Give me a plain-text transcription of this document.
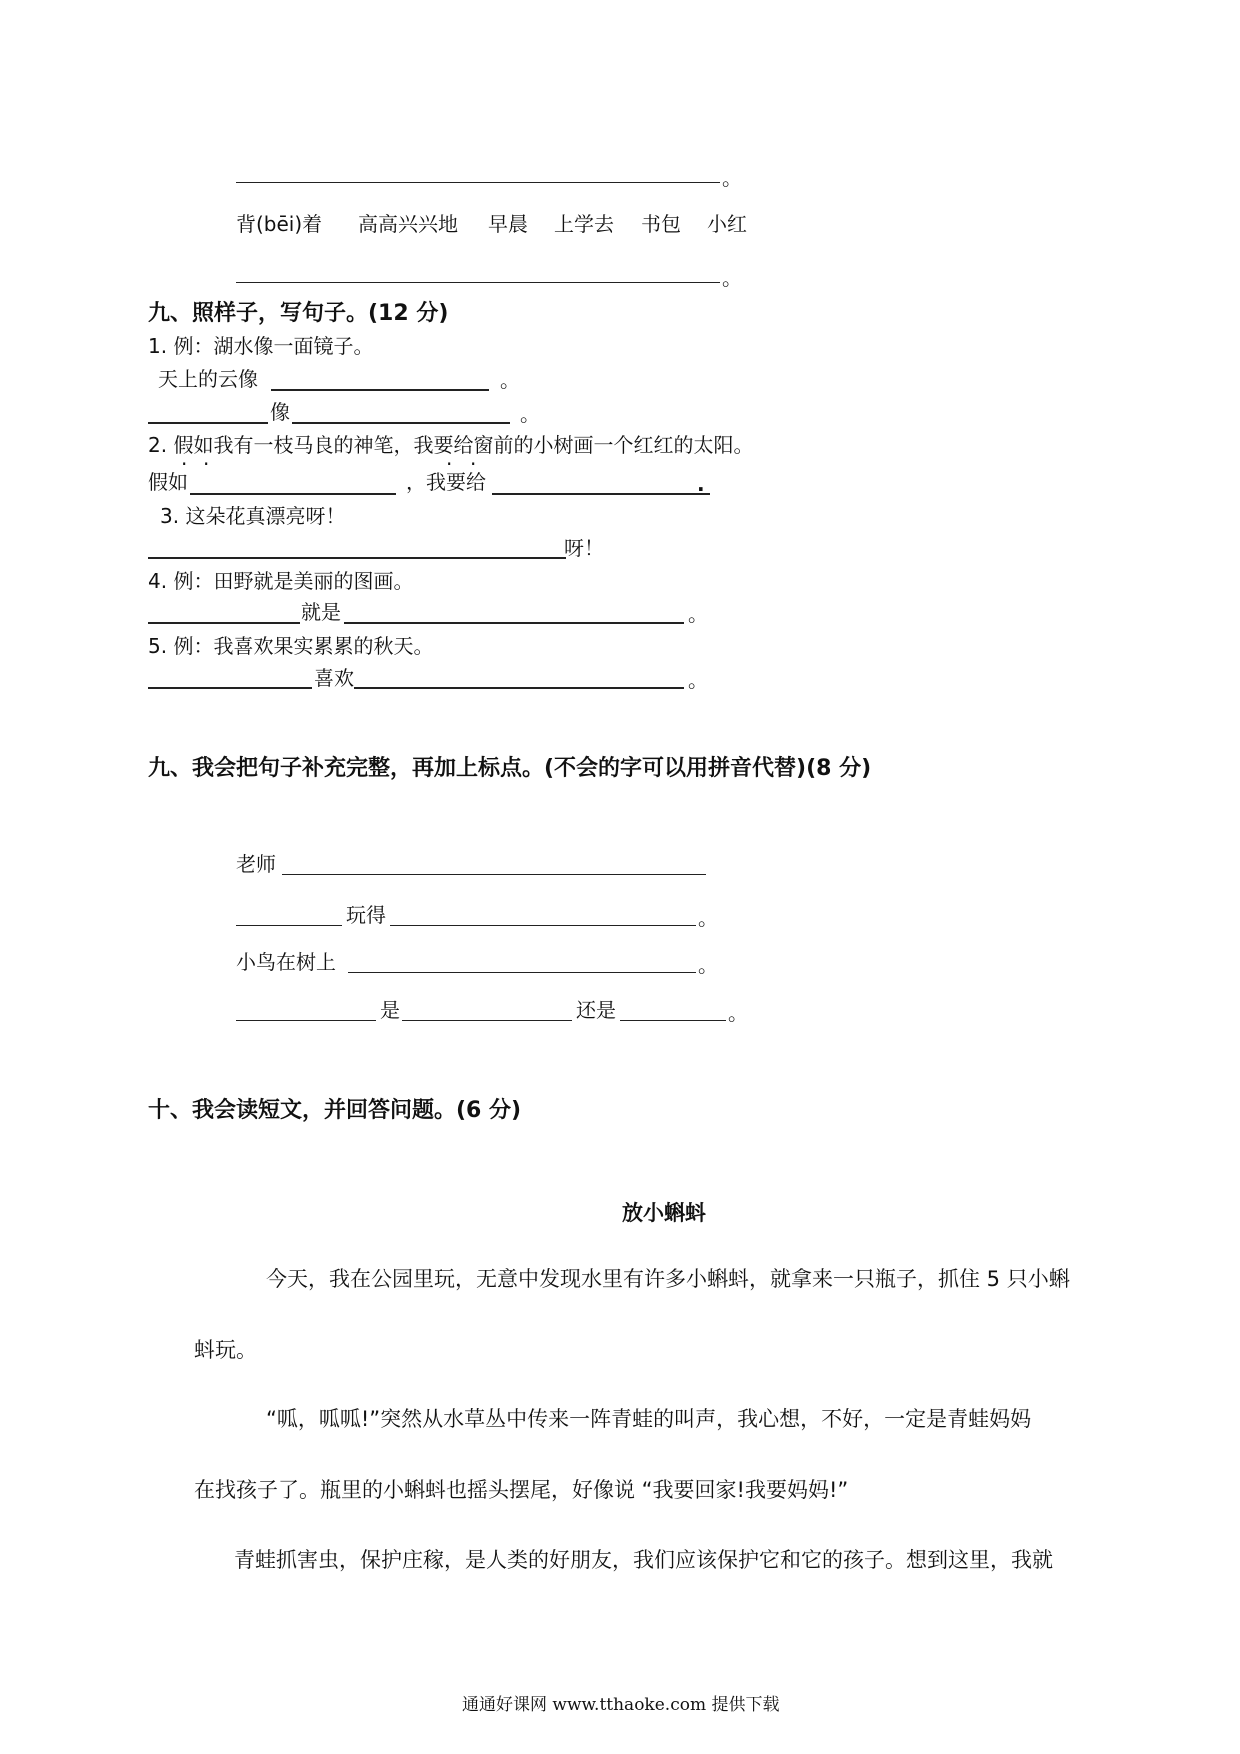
。
背(bēi)着 高高兴兴地 早晨 上学去 书包 小红
。
九、照样子，写句子。(12 分)
1. 例：湖水像一面镜子。
天上的云像	。
像	。
2. 假如我有一枝马良的神笔，我要给窗前的小树画一个红红的太阳。
· ·	· ·
假如	，我要给	.
3. 这朵花真漂亮呀！
呀！
4. 例：田野就是美丽的图画。
就是	。
5. 例：我喜欢果实累累的秋天。
喜欢	。
九、我会把句子补充完整，再加上标点。(不会的字可以用拼音代替)(8 分)
老师
玩得	。
小鸟在树上	。
是	还是	。
十、我会读短文，并回答问题。(6 分)
放小蝌蚪
今天，我在公园里玩，无意中发现水里有许多小蝌蚪，就拿来一只瓶子，抓住 5 只小蝌
蚪玩。
“呱，呱呱!”突然从水草丛中传来一阵青蛙的叫声，我心想，不好，一定是青蛙妈妈
在找孩子了。瓶里的小蝌蚪也摇头摆尾，好像说 “我要回家!我要妈妈!”
青蛙抓害虫，保护庄稼，是人类的好朋友，我们应该保护它和它的孩子。想到这里，我就
通通好课网 www.tthaoke.com 提供下载
